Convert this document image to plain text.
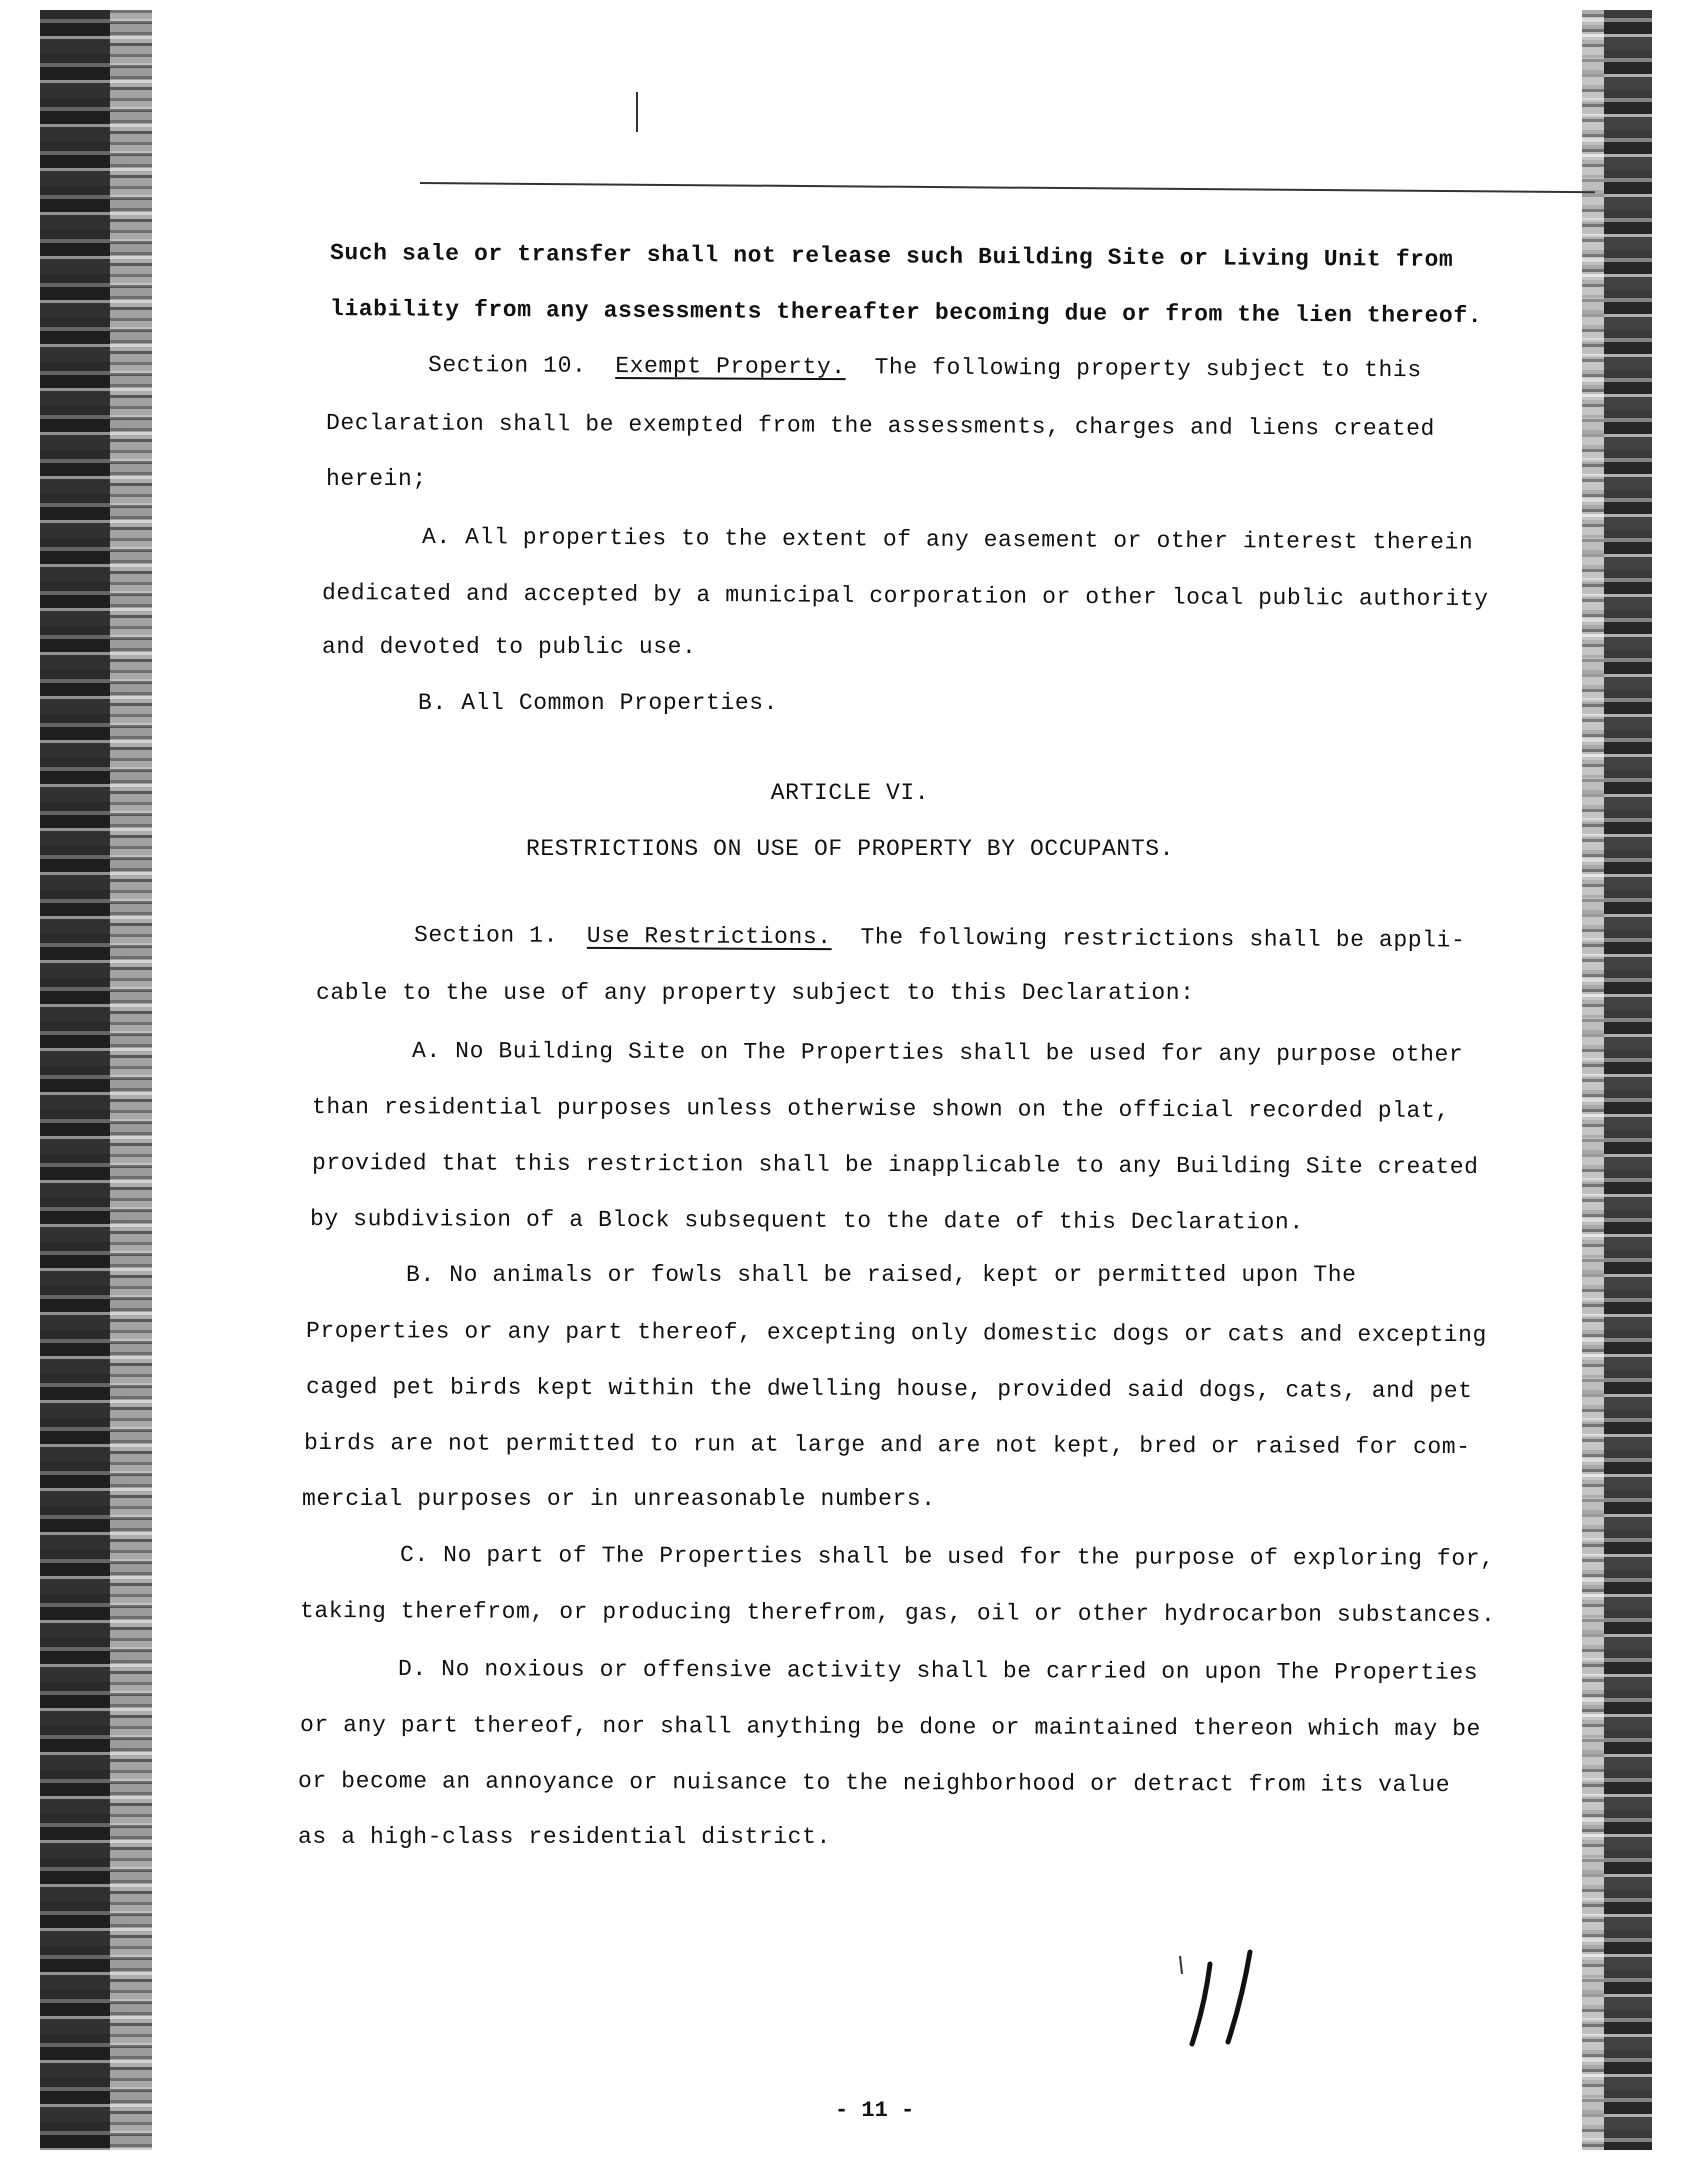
Such sale or transfer shall not release such Building Site or Living Unit from
liability from any assessments thereafter becoming due or from the lien thereof.
Section 10. Exempt Property. The following property subject to this
Declaration shall be exempted from the assessments, charges and liens created
herein;
A. All properties to the extent of any easement or other interest therein
dedicated and accepted by a municipal corporation or other local public authority
and devoted to public use.
B. All Common Properties.
ARTICLE VI.
RESTRICTIONS ON USE OF PROPERTY BY OCCUPANTS.
Section 1. Use Restrictions. The following restrictions shall be appli-
cable to the use of any property subject to this Declaration:
A. No Building Site on The Properties shall be used for any purpose other
than residential purposes unless otherwise shown on the official recorded plat,
provided that this restriction shall be inapplicable to any Building Site created
by subdivision of a Block subsequent to the date of this Declaration.
B. No animals or fowls shall be raised, kept or permitted upon The
Properties or any part thereof, excepting only domestic dogs or cats and excepting
caged pet birds kept within the dwelling house, provided said dogs, cats, and pet
birds are not permitted to run at large and are not kept, bred or raised for com-
mercial purposes or in unreasonable numbers.
C. No part of The Properties shall be used for the purpose of exploring for,
taking therefrom, or producing therefrom, gas, oil or other hydrocarbon substances.
D. No noxious or offensive activity shall be carried on upon The Properties
or any part thereof, nor shall anything be done or maintained thereon which may be
or become an annoyance or nuisance to the neighborhood or detract from its value
as a high-class residential district.
- 11 -
